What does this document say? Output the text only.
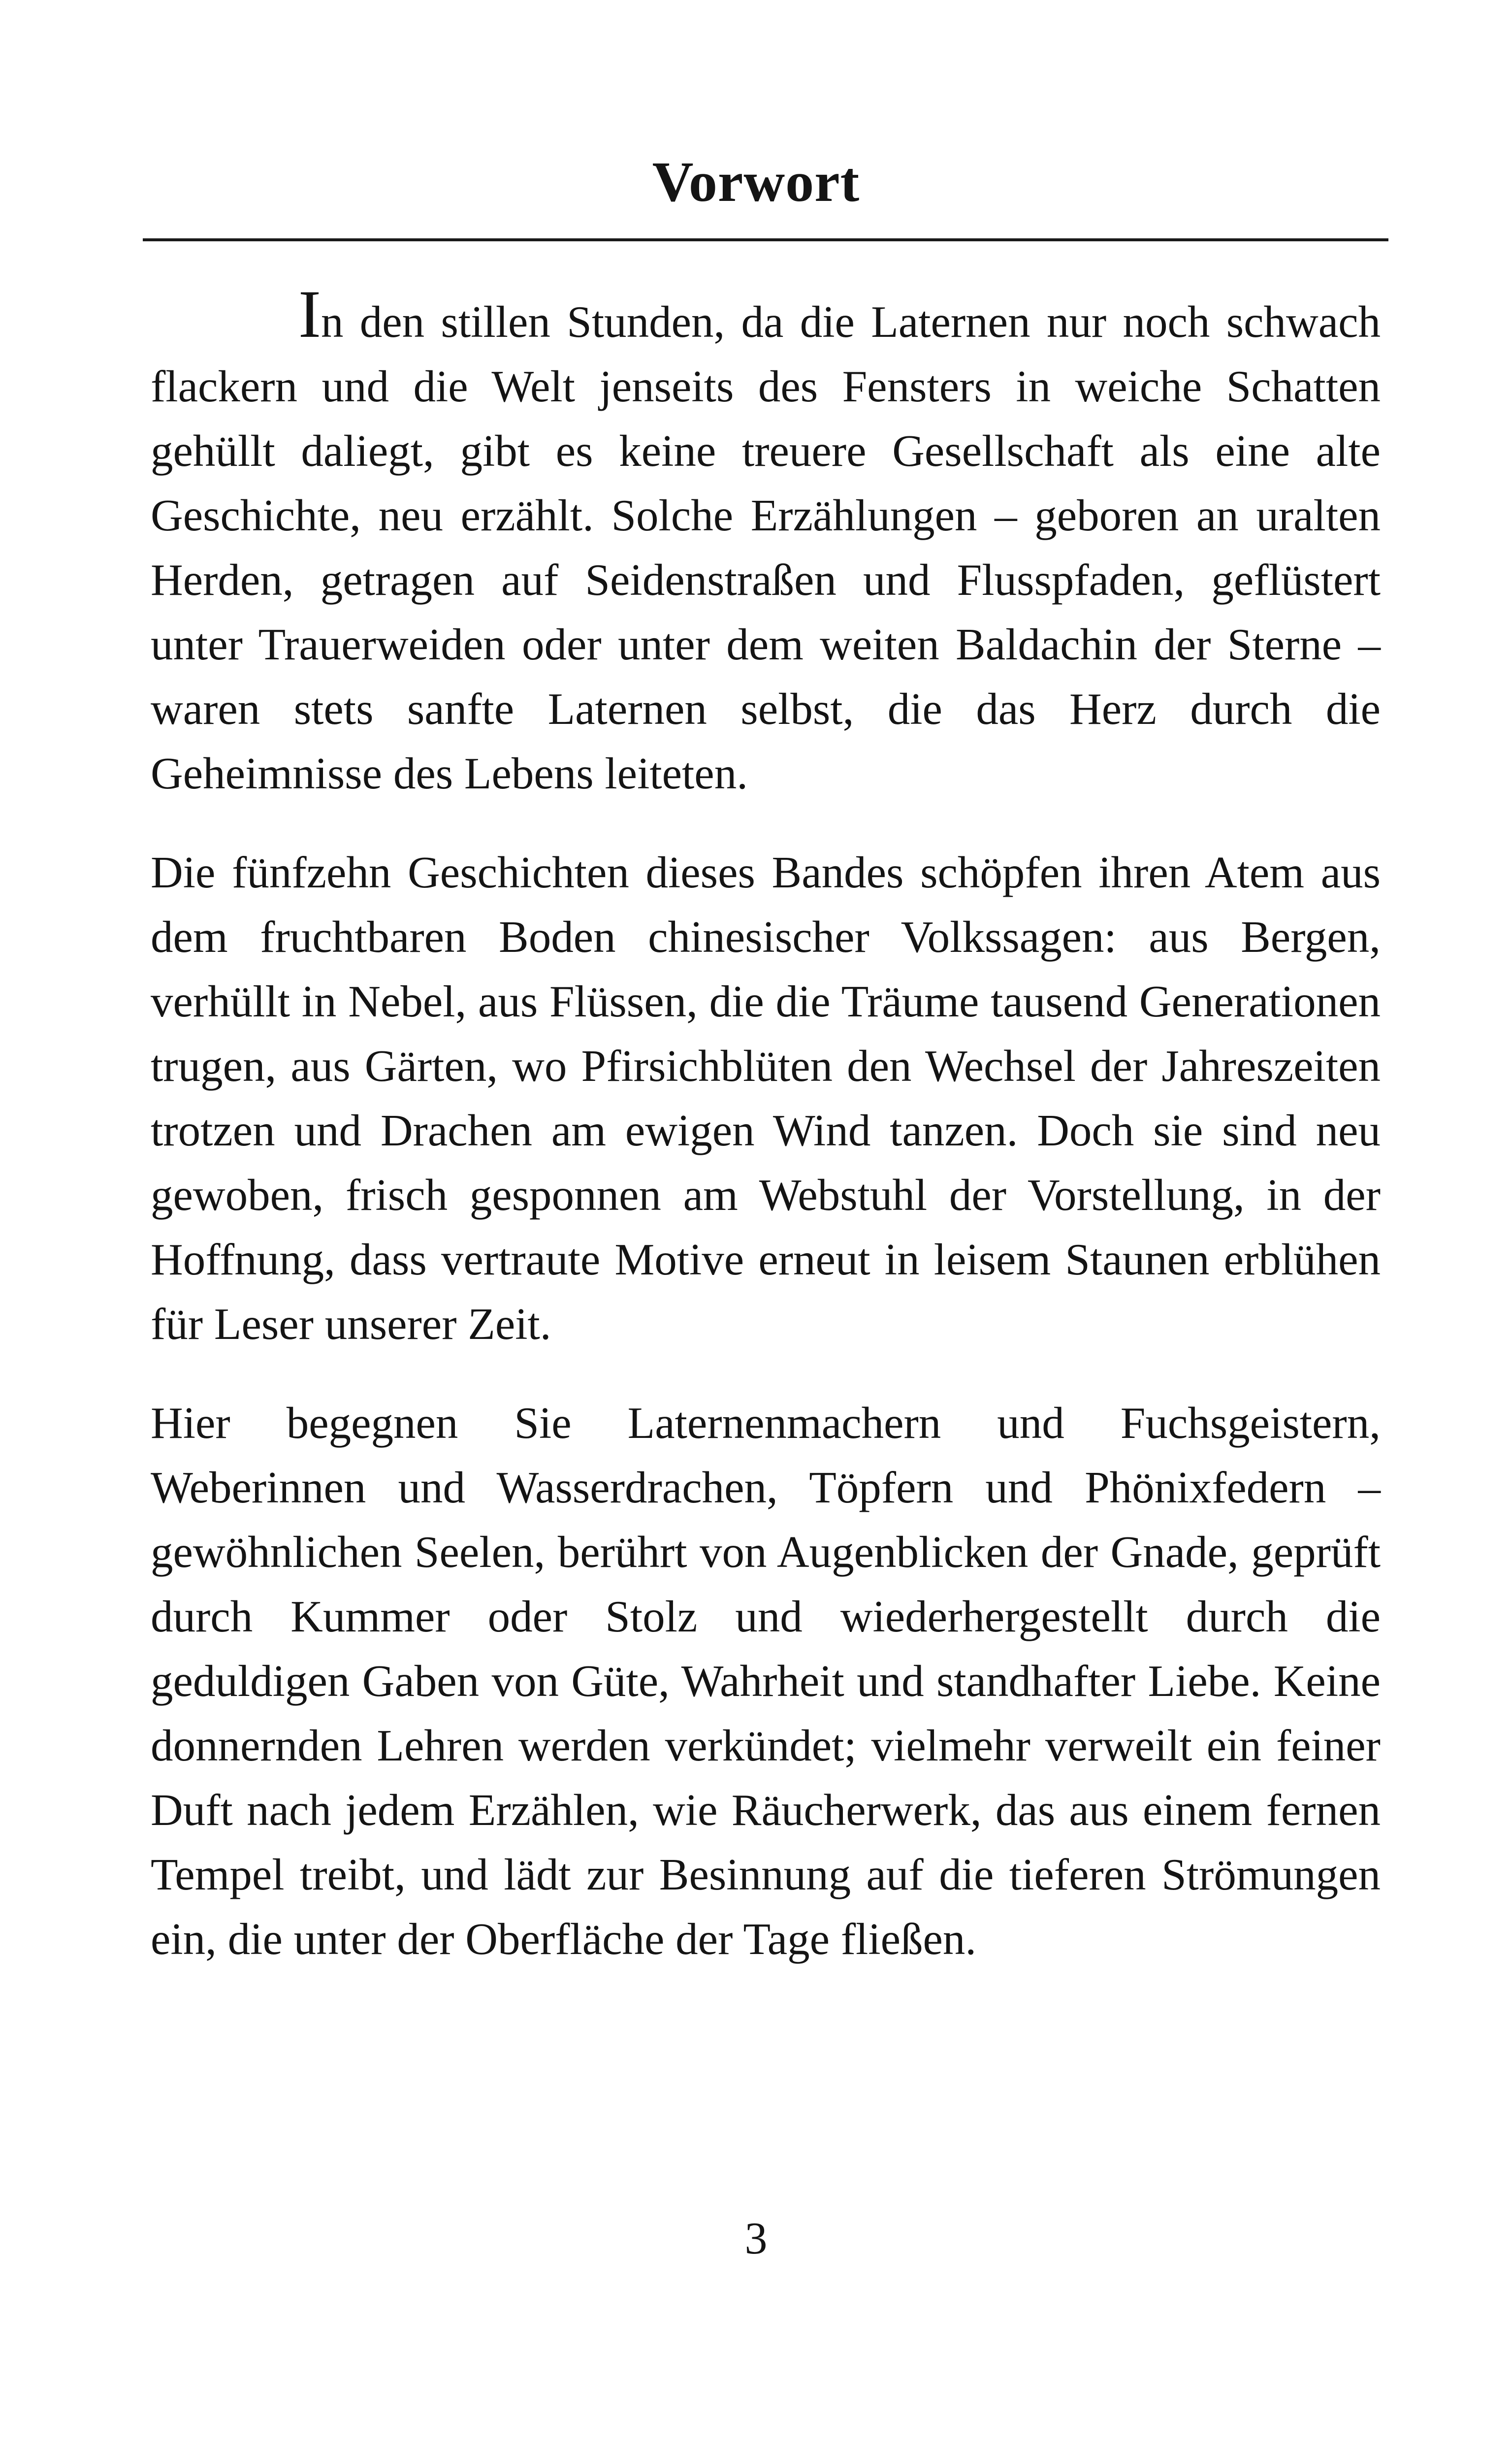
Vorwort

In den stillen Stunden, da die Laternen nur noch schwach flackern und die Welt jenseits des Fensters in weiche Schatten gehüllt daliegt, gibt es keine treuere Gesellschaft als eine alte Geschichte, neu erzählt. Solche Erzählungen – geboren an uralten Herden, getragen auf Seidenstraßen und Flusspfaden, geflüstert unter Trauerweiden oder unter dem weiten Baldachin der Sterne – waren stets sanfte Laternen selbst, die das Herz durch die Geheimnisse des Lebens leiteten.

Die fünfzehn Geschichten dieses Bandes schöpfen ihren Atem aus dem fruchtbaren Boden chinesischer Volkssagen: aus Bergen, verhüllt in Nebel, aus Flüssen, die die Träume tausend Generationen trugen, aus Gärten, wo Pfirsichblüten den Wechsel der Jahreszeiten trotzen und Drachen am ewigen Wind tanzen. Doch sie sind neu gewoben, frisch gesponnen am Webstuhl der Vorstellung, in der Hoffnung, dass vertraute Motive erneut in leisem Staunen erblühen für Leser unserer Zeit.

Hier begegnen Sie Laternenmachern und Fuchsgeistern, Weberinnen und Wasserdrachen, Töpfern und Phönixfedern – gewöhnlichen Seelen, berührt von Augenblicken der Gnade, geprüft durch Kummer oder Stolz und wiederhergestellt durch die geduldigen Gaben von Güte, Wahrheit und standhafter Liebe. Keine donnernden Lehren werden verkündet; vielmehr verweilt ein feiner Duft nach jedem Erzählen, wie Räucherwerk, das aus einem fernen Tempel treibt, und lädt zur Besinnung auf die tieferen Strömungen ein, die unter der Oberfläche der Tage fließen.

3
